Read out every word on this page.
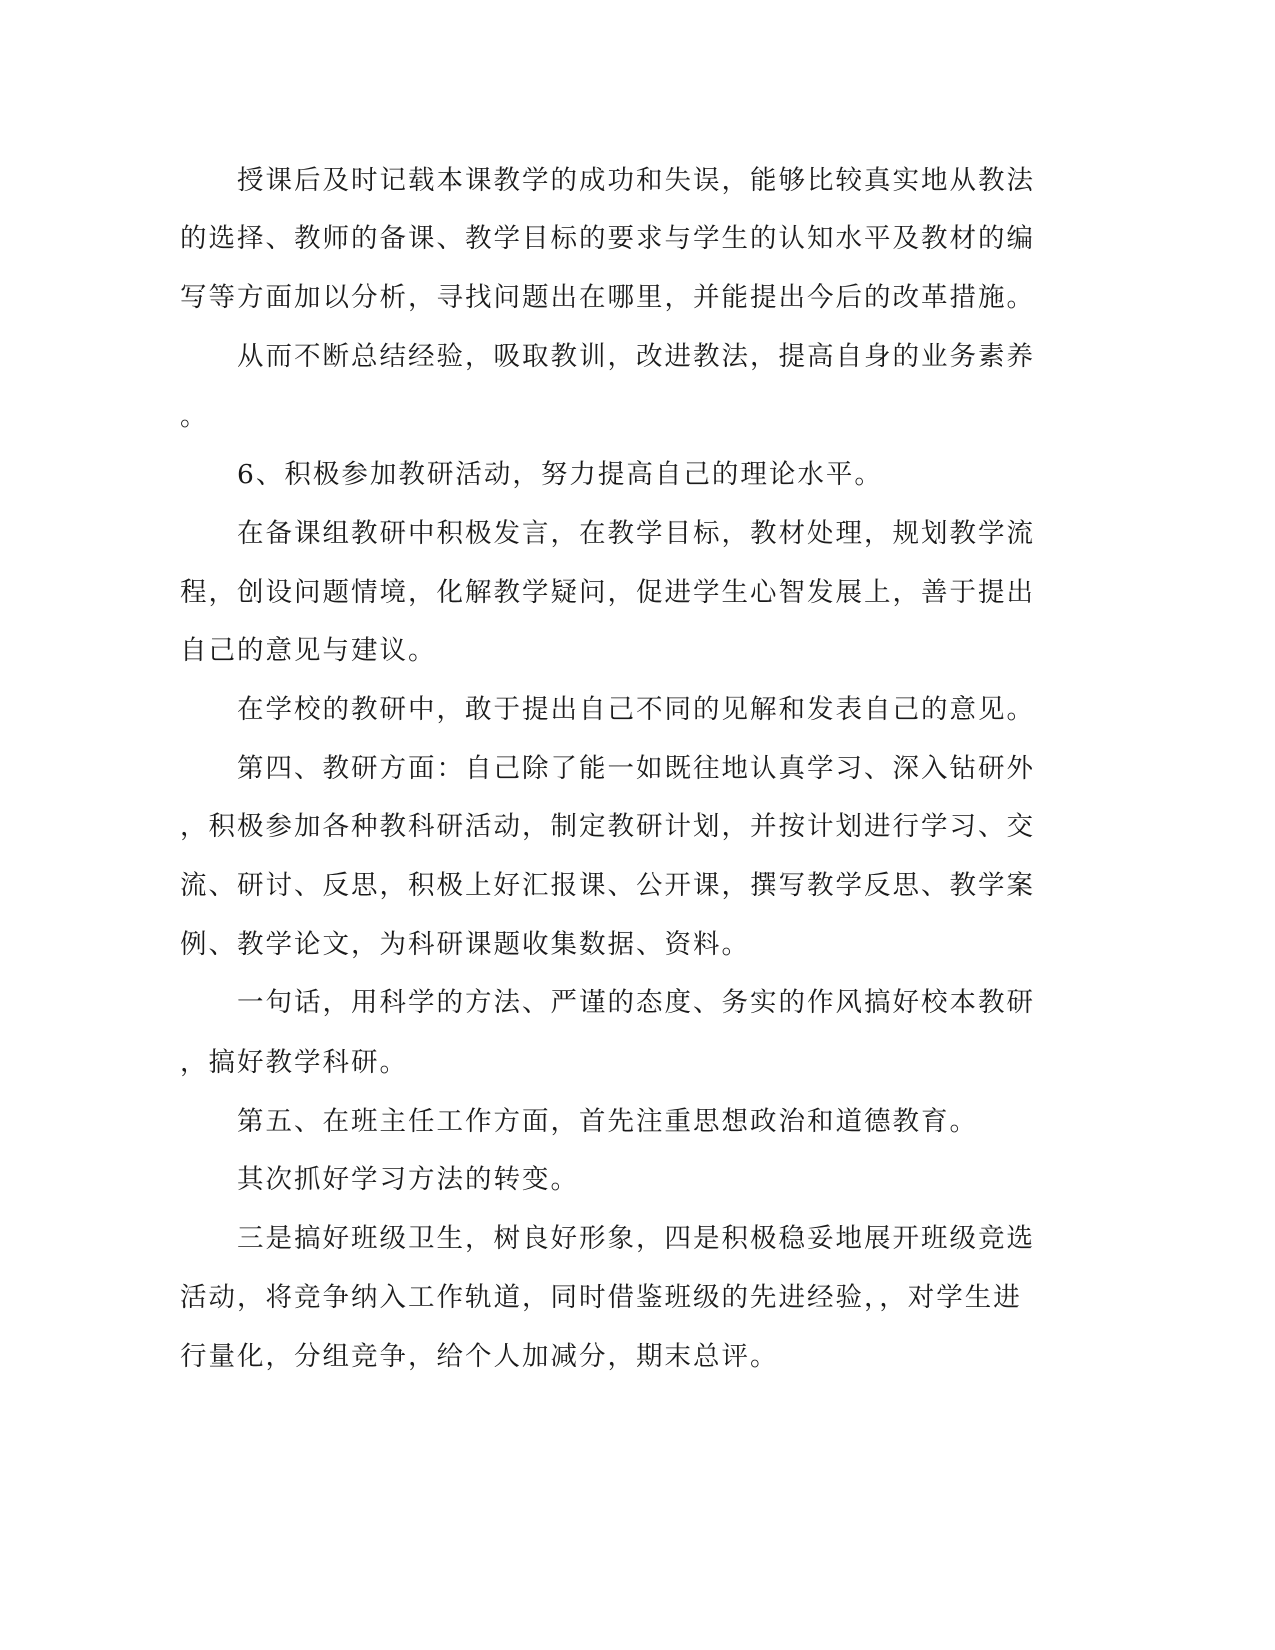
　　授课后及时记载本课教学的成功和失误，能够比较真实地从教法
的选择、教师的备课、教学目标的要求与学生的认知水平及教材的编
写等方面加以分析，寻找问题出在哪里，并能提出今后的改革措施。
　　从而不断总结经验，吸取教训，改进教法，提高自身的业务素养
。
　　6、积极参加教研活动，努力提高自己的理论水平。
　　在备课组教研中积极发言，在教学目标，教材处理，规划教学流
程，创设问题情境，化解教学疑问，促进学生心智发展上，善于提出
自己的意见与建议。
　　在学校的教研中，敢于提出自己不同的见解和发表自己的意见。
　　第四、教研方面：自己除了能一如既往地认真学习、深入钻研外
，积极参加各种教科研活动，制定教研计划，并按计划进行学习、交
流、研讨、反思，积极上好汇报课、公开课，撰写教学反思、教学案
例、教学论文，为科研课题收集数据、资料。
　　一句话，用科学的方法、严谨的态度、务实的作风搞好校本教研
，搞好教学科研。
　　第五、在班主任工作方面，首先注重思想政治和道德教育。
　　其次抓好学习方法的转变。
　　三是搞好班级卫生，树良好形象，四是积极稳妥地展开班级竞选
活动，将竞争纳入工作轨道，同时借鉴班级的先进经验，，对学生进
行量化，分组竞争，给个人加减分，期末总评。
